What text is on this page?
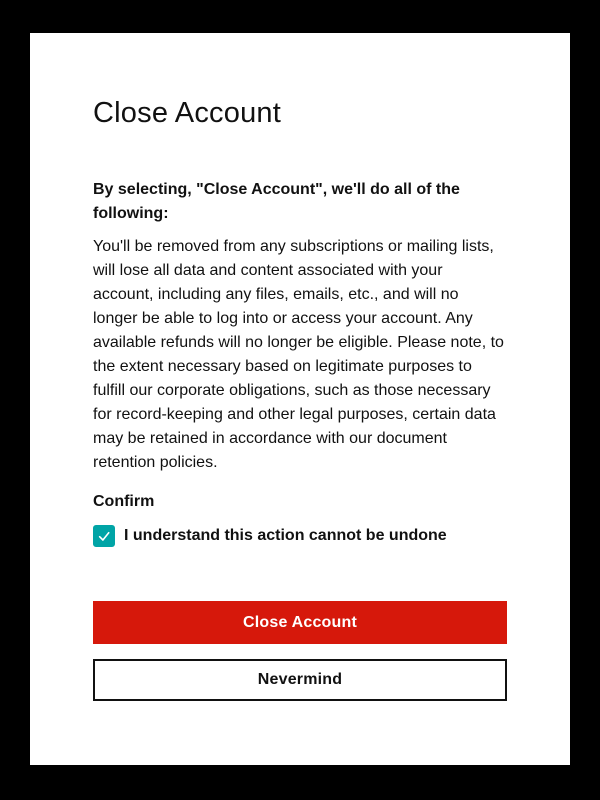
Close Account

By selecting, "Close Account", we'll do all of the following:

You'll be removed from any subscriptions or mailing lists, will lose all data and content associated with your account, including any files, emails, etc., and will no longer be able to log into or access your account. Any available refunds will no longer be eligible. Please note, to the extent necessary based on legitimate purposes to fulfill our corporate obligations, such as those necessary for record-keeping and other legal purposes, certain data may be retained in accordance with our document retention policies.

Confirm

I understand this action cannot be undone
Close Account
Nevermind
